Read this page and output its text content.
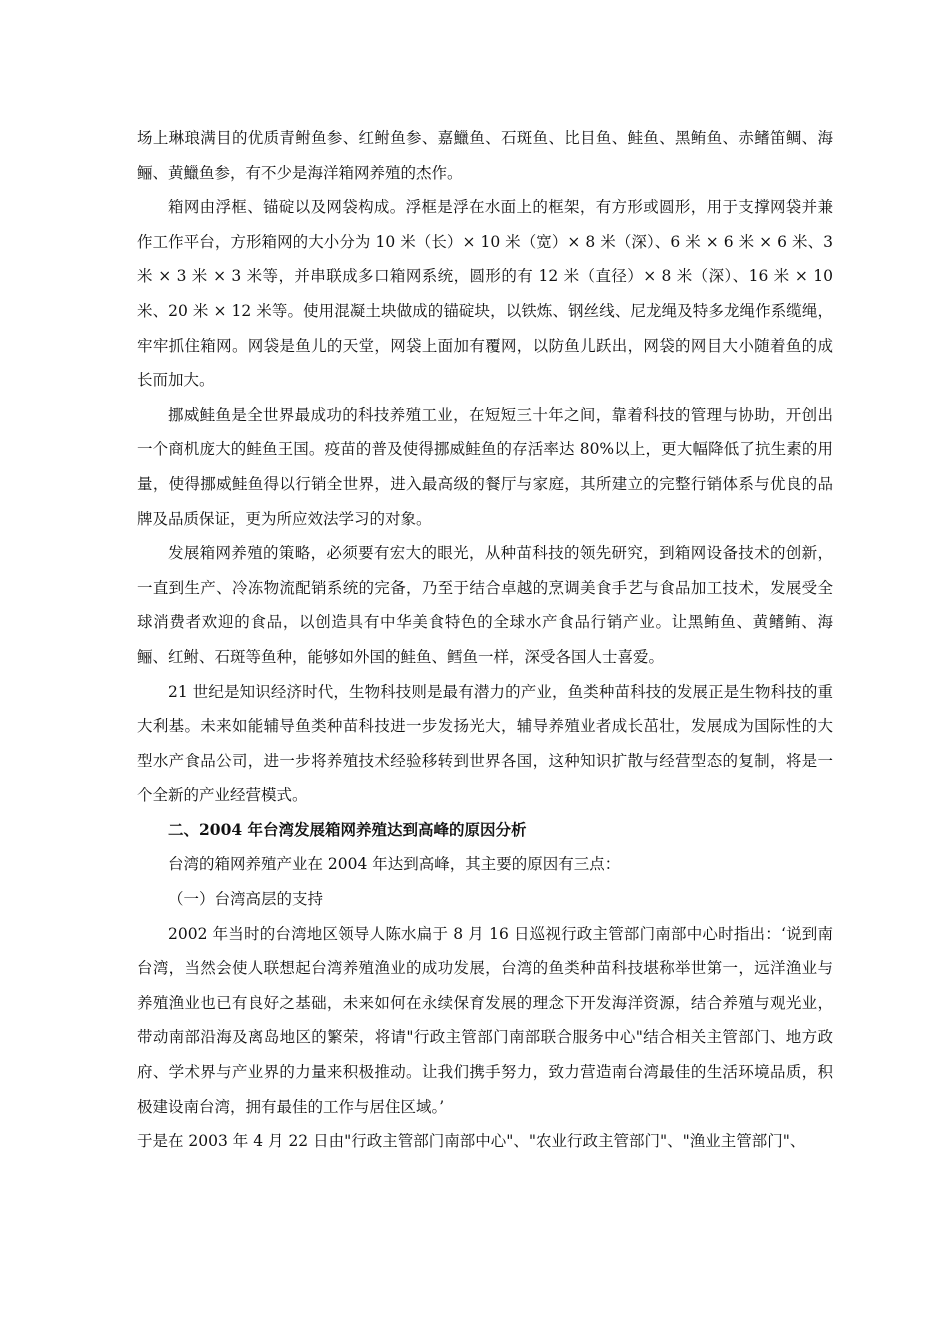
场上琳琅满目的优质青鲋鱼参、红鲋鱼参、嘉鱲鱼、石斑鱼、比目鱼、鲑鱼、黑鲔鱼、赤鳍笛鲷、海鲡、黄鱲鱼参，有不少是海洋箱网养殖的杰作。

箱网由浮框、锚碇以及网袋构成。浮框是浮在水面上的框架，有方形或圆形，用于支撑网袋并兼作工作平台，方形箱网的大小分为 10 米（长）× 10 米（宽）× 8 米（深）、6 米 × 6 米 × 6 米、3 米 × 3 米 × 3 米等，并串联成多口箱网系统，圆形的有 12 米（直径）× 8 米（深）、16 米 × 10 米、20 米 × 12 米等。使用混凝土块做成的锚碇块，以铁炼、钢丝线、尼龙绳及特多龙绳作系缆绳，牢牢抓住箱网。网袋是鱼儿的天堂，网袋上面加有覆网，以防鱼儿跃出，网袋的网目大小随着鱼的成长而加大。

挪威鲑鱼是全世界最成功的科技养殖工业，在短短三十年之间，靠着科技的管理与协助，开创出一个商机庞大的鲑鱼王国。疫苗的普及使得挪威鲑鱼的存活率达 80%以上，更大幅降低了抗生素的用量，使得挪威鲑鱼得以行销全世界，进入最高级的餐厅与家庭，其所建立的完整行销体系与优良的品牌及品质保证，更为所应效法学习的对象。

发展箱网养殖的策略，必须要有宏大的眼光，从种苗科技的领先研究，到箱网设备技术的创新，一直到生产、冷冻物流配销系统的完备，乃至于结合卓越的烹调美食手艺与食品加工技术，发展受全球消费者欢迎的食品，以创造具有中华美食特色的全球水产食品行销产业。让黑鲔鱼、黄鳍鲔、海鲡、红鲋、石斑等鱼种，能够如外国的鲑鱼、鳕鱼一样，深受各国人士喜爱。

21 世纪是知识经济时代，生物科技则是最有潜力的产业，鱼类种苗科技的发展正是生物科技的重大利基。未来如能辅导鱼类种苗科技进一步发扬光大，辅导养殖业者成长茁壮，发展成为国际性的大型水产食品公司，进一步将养殖技术经验移转到世界各国，这种知识扩散与经营型态的复制，将是一个全新的产业经营模式。

二、2004 年台湾发展箱网养殖达到高峰的原因分析

台湾的箱网养殖产业在 2004 年达到高峰，其主要的原因有三点：

（一）台湾高层的支持

2002 年当时的台湾地区领导人陈水扁于 8 月 16 日巡视行政主管部门南部中心时指出：‘说到南台湾，当然会使人联想起台湾养殖渔业的成功发展，台湾的鱼类种苗科技堪称举世第一，远洋渔业与养殖渔业也已有良好之基础，未来如何在永续保育发展的理念下开发海洋资源，结合养殖与观光业，带动南部沿海及离岛地区的繁荣，将请"行政主管部门南部联合服务中心"结合相关主管部门、地方政府、学术界与产业界的力量来积极推动。让我们携手努力，致力营造南台湾最佳的生活环境品质，积极建设南台湾，拥有最佳的工作与居住区域。’

于是在 2003 年 4 月 22 日由"行政主管部门南部中心"、"农业行政主管部门"、"渔业主管部门"、
